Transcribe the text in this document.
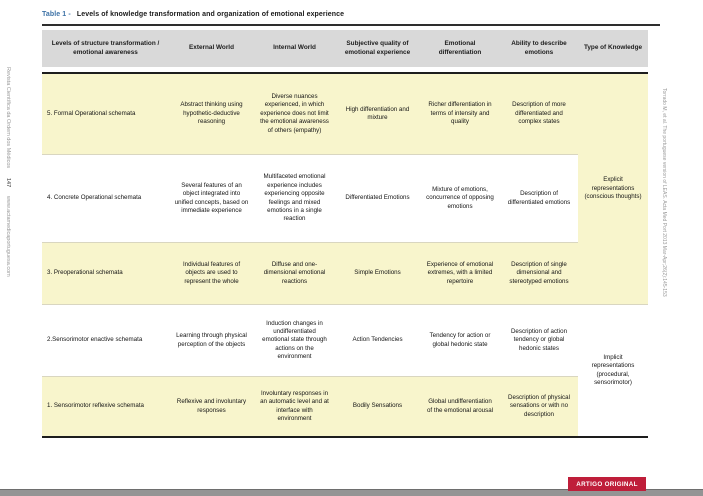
Table 1 - Levels of knowledge transformation and organization of emotional experience
Levels of structure transformation / emotional awareness	External World	Internal World	Subjective quality of emotional experience	Emotional differentiation	Ability to describe emotions	Type of Knowledge
5. Formal Operational schemata	Abstract thinking using hypothetic-deductive reasoning	Diverse nuances experienced, in which experience does not limit the emotional awareness of others (empathy)	High differentiation and mixture	Richer differentiation in terms of intensity and quality	Description of more differentiated and complex states	Explicit representations (conscious thoughts)
4. Concrete Operational schemata	Several features of an object integrated into unified concepts, based on immediate experience	Multifaceted emotional experience includes experiencing opposite feelings and mixed emotions in a single reaction	Differentiated Emotions	Mixture of emotions, concurrence of opposing emotions	Description of differentiated emotions	
3. Preoperational schemata	Individual features of objects are used to represent the whole	Diffuse and one-dimensional emotional reactions	Simple Emotions	Experience of emotional extremes, with a limited repertoire	Description of single dimensional and stereotyped emotions	
2.Sensorimotor enactive schemata	Learning through physical perception of the objects	Induction changes in undifferentiated emotional state through actions on the environment	Action Tendencies	Tendency for action or global hedonic state	Description of action tendency or global hedonic states	Implicit representations (procedural, sensorimotor)
1. Sensorimotor reflexive schemata	Reflexive and involuntary responses	Involuntary responses in an automatic level and at interface with environment	Bodily Sensations	Global undifferentiation of the emotional arousal	Description of physical sensations or with no description	
Revista Científica da Ordem dos Médicos 147 www.actamedicaportuguesa.com	Torrado M, et al. The portuguese version of LEAS. Acta Med Port 2013 Mar-Apr;26(2):145-153
ARTIGO ORIGINAL
